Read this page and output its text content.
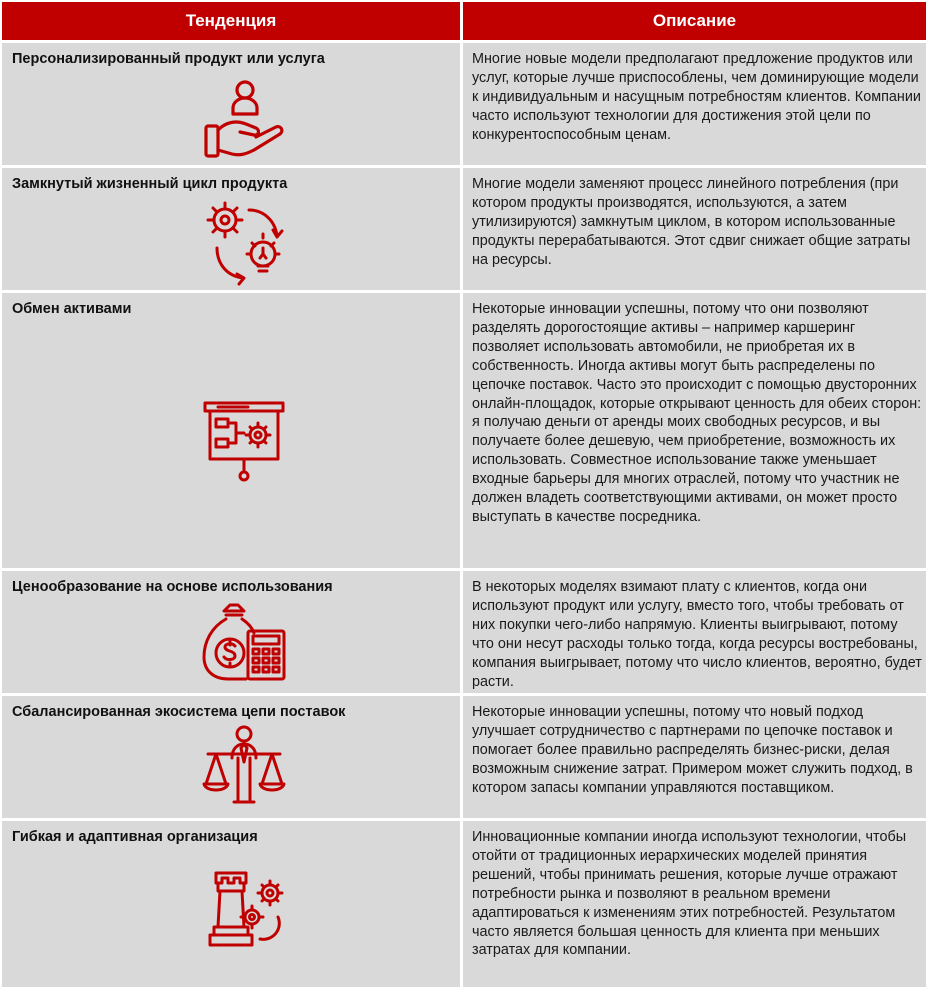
Тенденция	Описание
Персонализированный продукт или услуга	Многие новые модели предполагают предложение продуктов или услуг, которые лучше приспособлены, чем доминирующие модели к индивидуальным и насущным потребностям клиентов. Компании часто используют технологии для достижения этой цели по конкурентоспособным ценам.
Замкнутый жизненный цикл продукта	Многие модели заменяют процесс линейного потребления (при котором продукты производятся, используются, а затем утилизируются) замкнутым циклом, в котором использованные продукты перерабатываются. Этот сдвиг снижает общие затраты на ресурсы.
Обмен активами	Некоторые инновации успешны, потому что они позволяют разделять дорогостоящие активы – например каршеринг позволяет использовать автомобили, не приобретая их в собственность. Иногда активы могут быть распределены по цепочке поставок. Часто это происходит с помощью двусторонних онлайн-площадок, которые открывают ценность для обеих сторон: я получаю деньги от аренды моих свободных ресурсов, и вы получаете более дешевую, чем приобретение, возможность их использовать. Совместное использование также уменьшает входные барьеры для многих отраслей, потому что участник не должен владеть соответствующими активами, он может просто выступать в качестве посредника.
Ценообразование на основе использования	В некоторых моделях взимают плату с клиентов, когда они используют продукт или услугу, вместо того, чтобы требовать от них покупки чего-либо напрямую. Клиенты выигрывают, потому что они несут расходы только тогда, когда ресурсы востребованы, компания выигрывает, потому что число клиентов, вероятно, будет расти.
Сбалансированная экосистема цепи поставок	Некоторые инновации успешны, потому что новый подход улучшает сотрудничество с партнерами по цепочке поставок и помогает более правильно распределять бизнес-риски, делая возможным снижение затрат. Примером может служить подход, в котором запасы компании управляются поставщиком.
Гибкая и адаптивная организация	Инновационные компании иногда используют технологии, чтобы отойти от традиционных иерархических моделей принятия решений, чтобы принимать решения, которые лучше отражают потребности рынка и позволяют в реальном времени адаптироваться к изменениям этих потребностей. Результатом часто является большая ценность для клиента при меньших затратах для компании.
